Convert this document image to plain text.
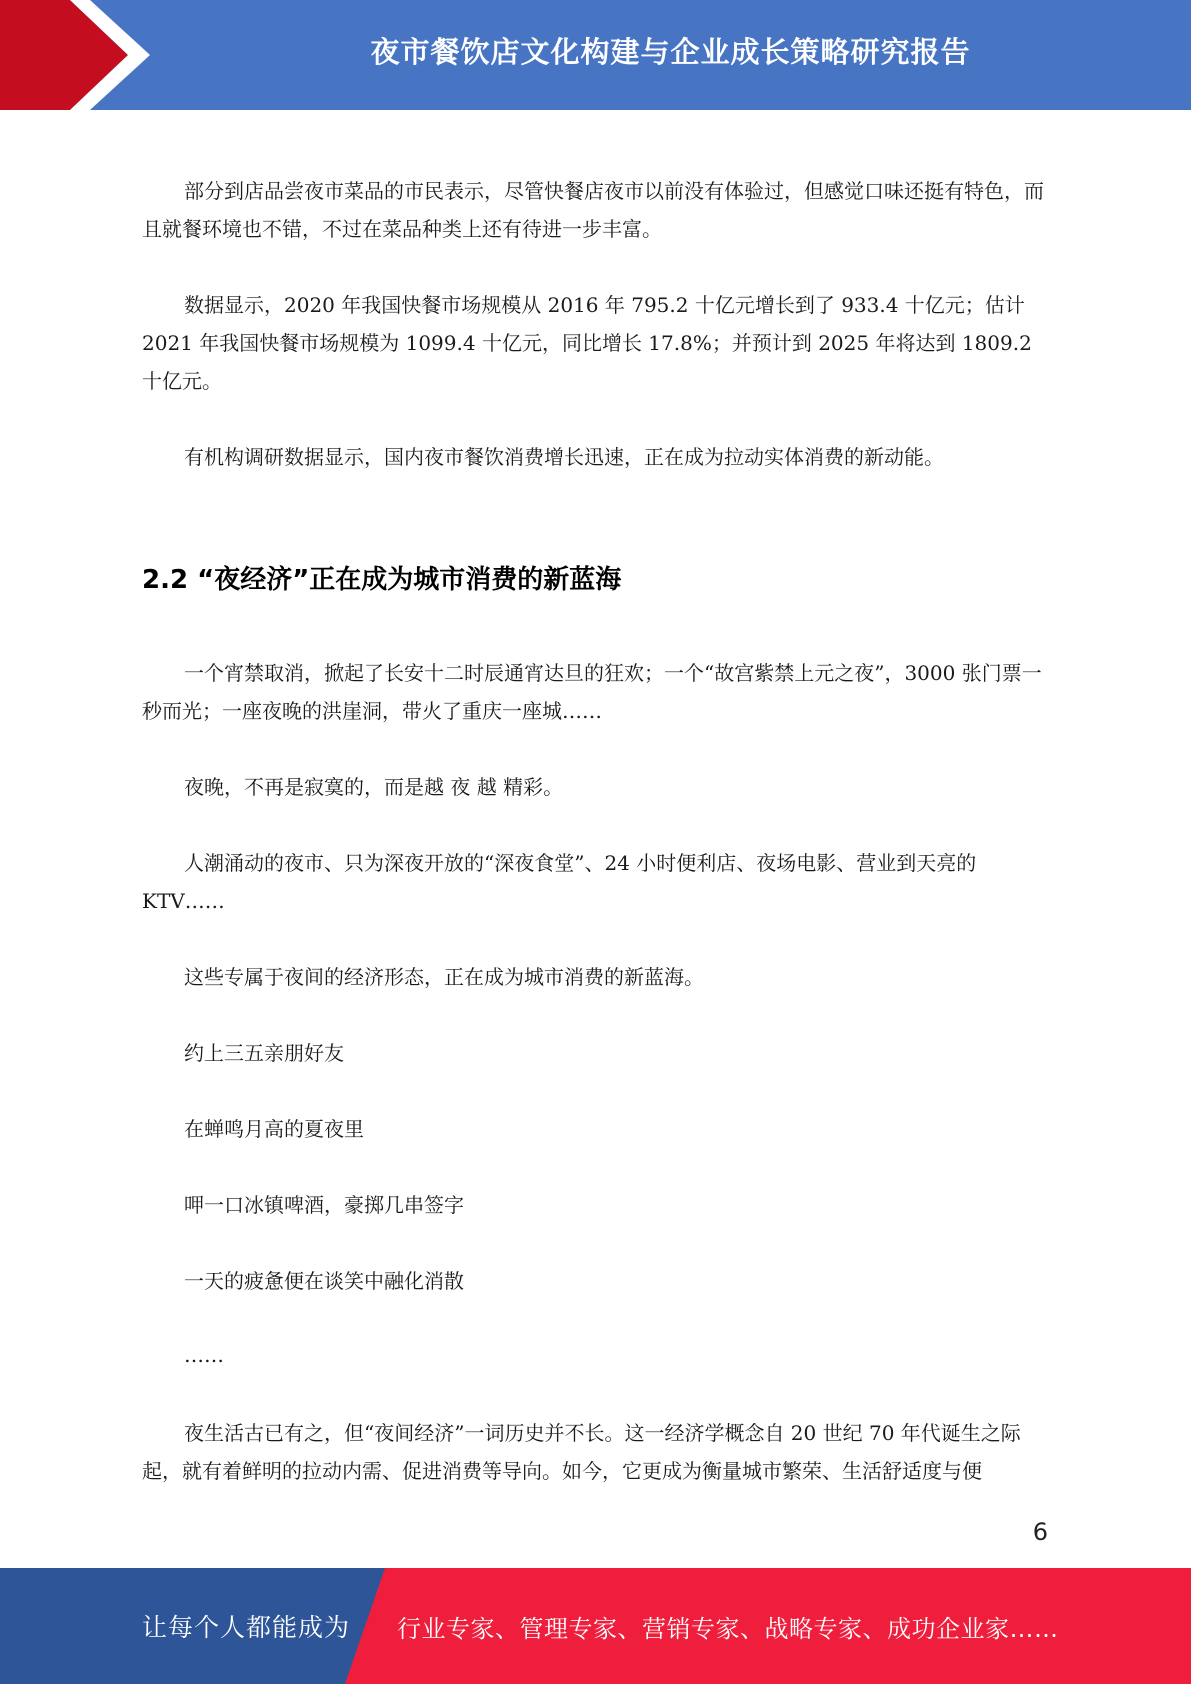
夜市餐饮店文化构建与企业成长策略研究报告

部分到店品尝夜市菜品的市民表示，尽管快餐店夜市以前没有体验过，但感觉口味还挺有特色，而且就餐环境也不错，不过在菜品种类上还有待进一步丰富。

数据显示，2020 年我国快餐市场规模从 2016 年 795.2 十亿元增长到了 933.4 十亿元；估计 2021 年我国快餐市场规模为 1099.4 十亿元，同比增长 17.8%；并预计到 2025 年将达到 1809.2 十亿元。

有机构调研数据显示，国内夜市餐饮消费增长迅速，正在成为拉动实体消费的新动能。

2.2 “夜经济”正在成为城市消费的新蓝海

一个宵禁取消，掀起了长安十二时辰通宵达旦的狂欢；一个“故宫紫禁上元之夜”，3000 张门票一秒而光；一座夜晚的洪崖洞，带火了重庆一座城……

夜晚，不再是寂寞的，而是越 夜 越 精彩。

人潮涌动的夜市、只为深夜开放的“深夜食堂”、24 小时便利店、夜场电影、营业到天亮的 KTV……

这些专属于夜间的经济形态，正在成为城市消费的新蓝海。

约上三五亲朋好友

在蝉鸣月高的夏夜里

呷一口冰镇啤酒，豪掷几串签字

一天的疲惫便在谈笑中融化消散

……

夜生活古已有之，但“夜间经济”一词历史并不长。这一经济学概念自 20 世纪 70 年代诞生之际起，就有着鲜明的拉动内需、促进消费等导向。如今，它更成为衡量城市繁荣、生活舒适度与便

6
让每个人都能成为 行业专家、管理专家、营销专家、战略专家、成功企业家……
